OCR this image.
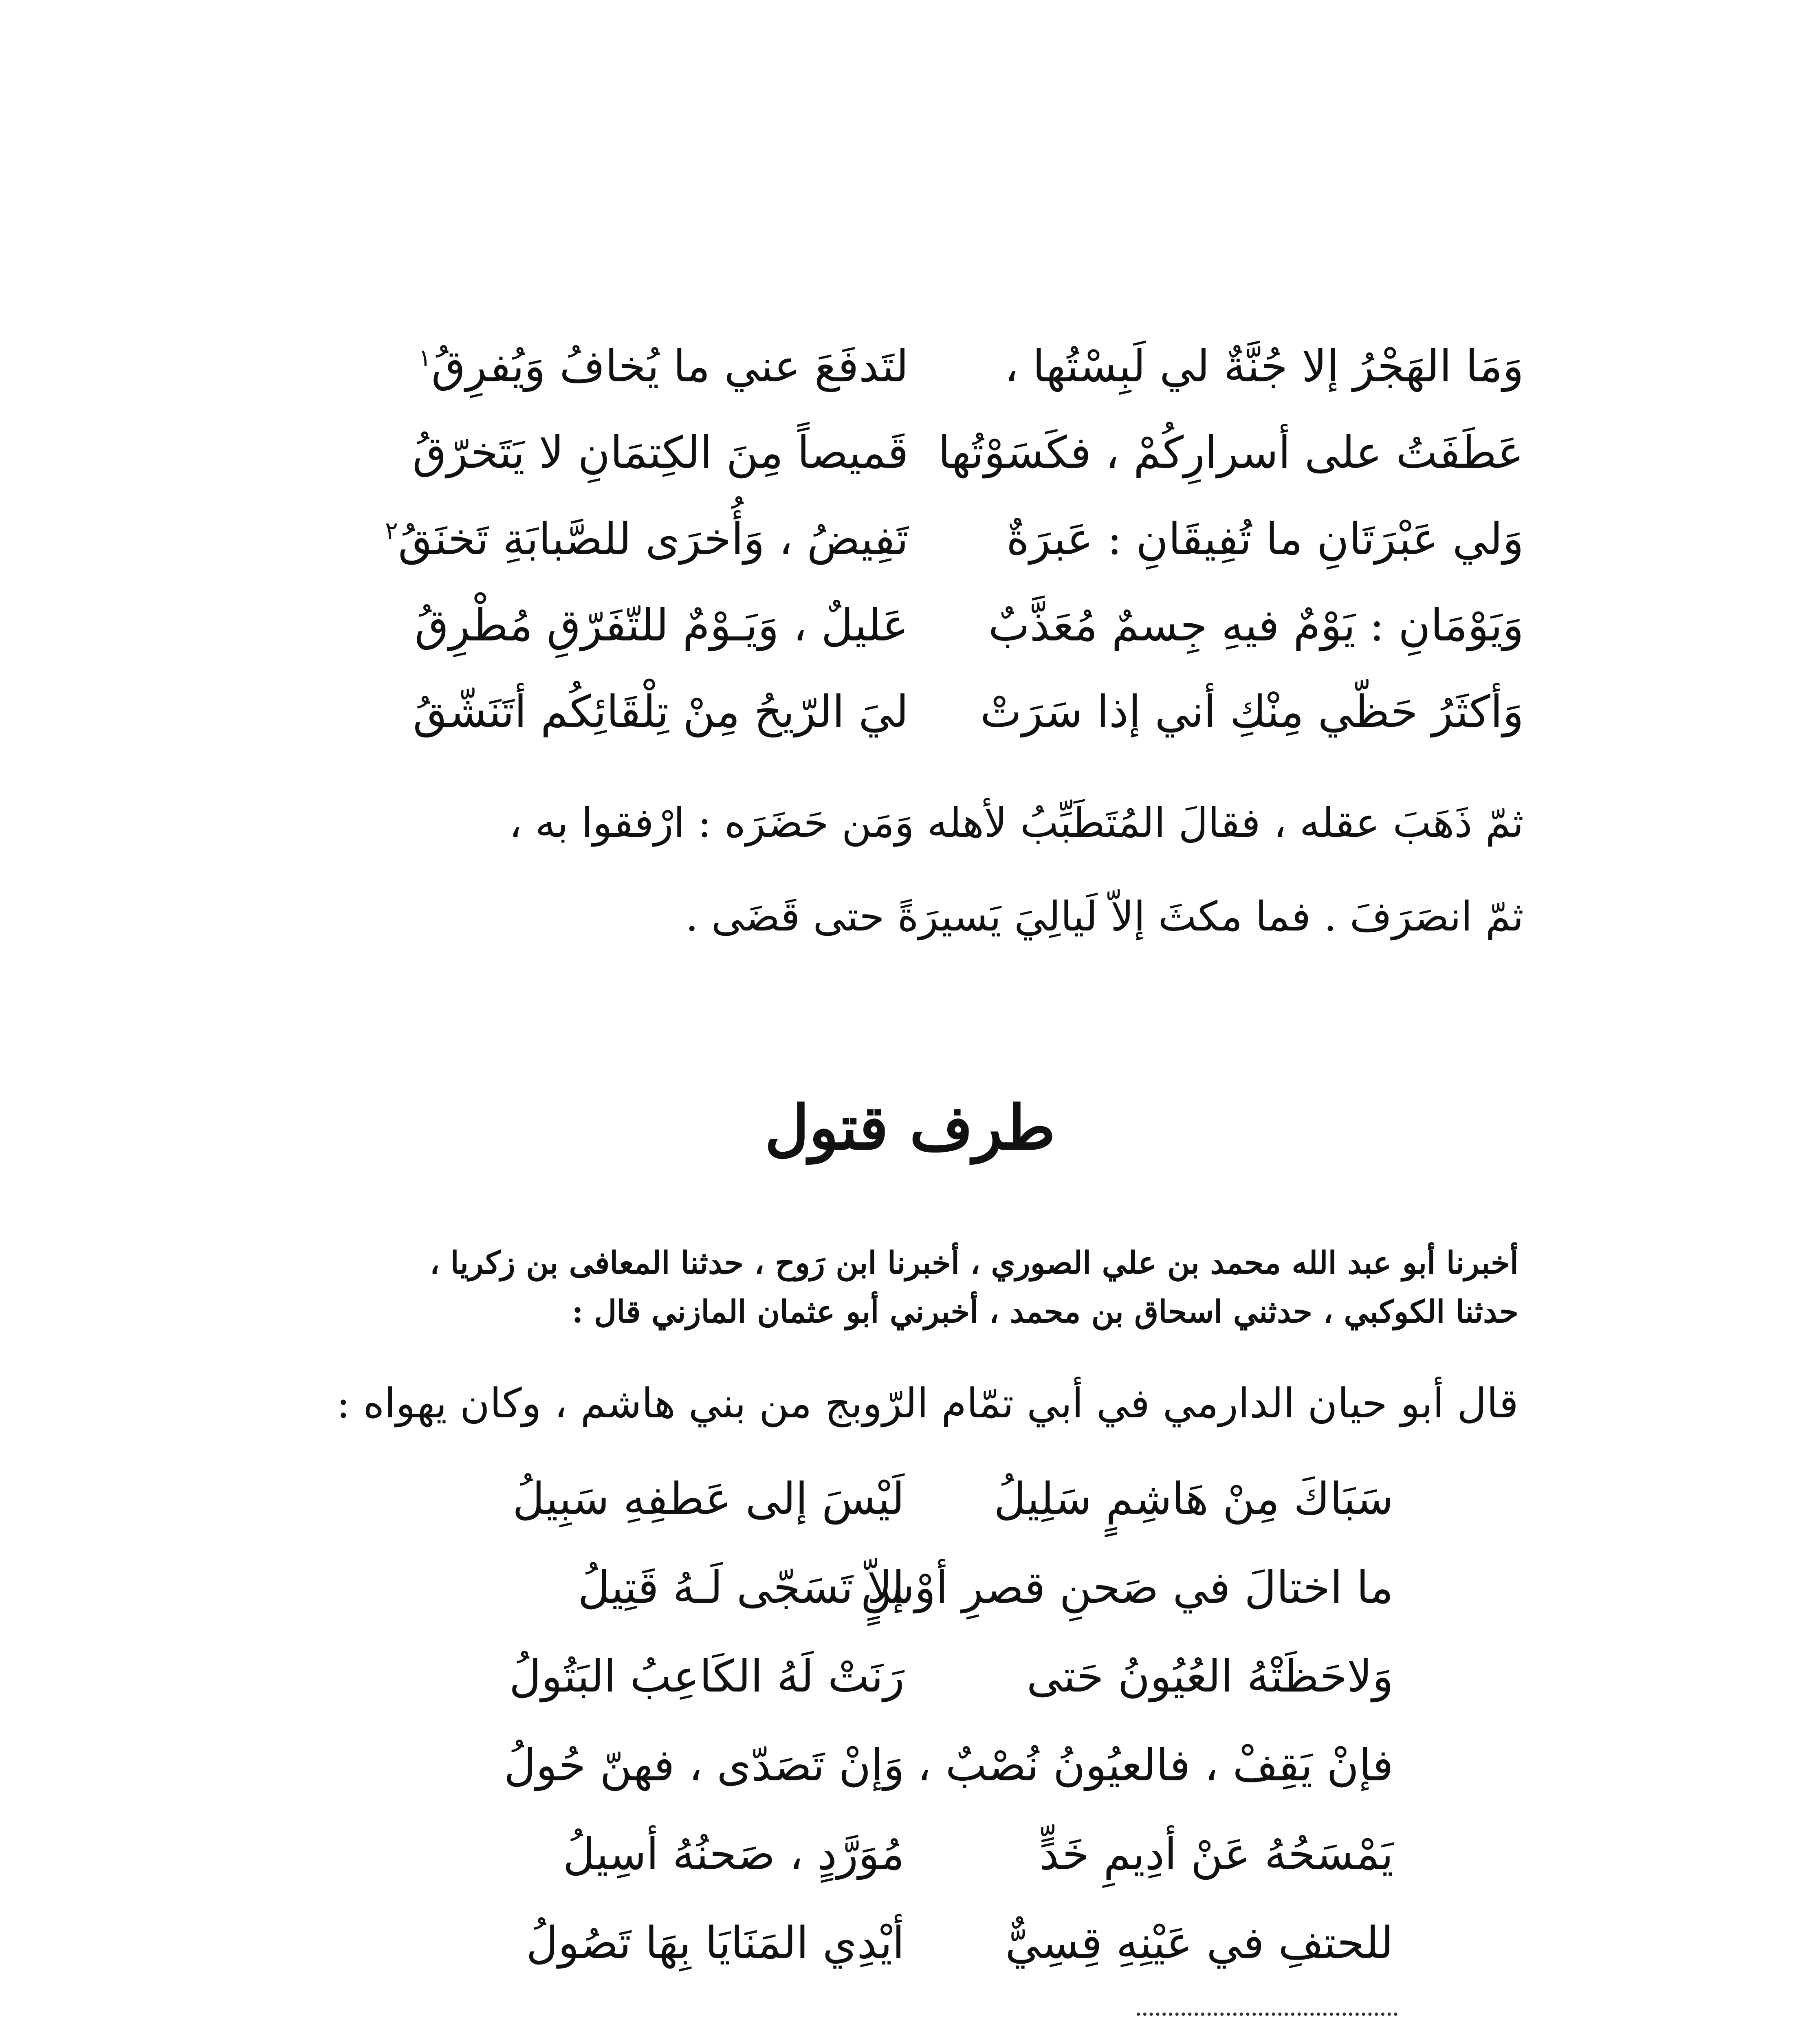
وَمَا الهَجْرُ إلا جُنَّةٌ لي لَبِسْتُها ،
لتَدفَعَ عني ما يُخافُ وَيُفرِقُ$^١$
عَطَفَتُ على أسرارِكُمْ ، فكَسَوْتُها
قَميصاً مِنَ الكِتمَانِ لا يَتَخرّقُ
وَلي عَبْرَتَانِ ما تُفِيقَانِ : عَبرَةٌ
تَفِيضُ ، وَأُخرَى للصَّبابَةِ تَخنَقُ$^٢$
وَيَوْمَانِ : يَوْمٌ فيهِ جِسمٌ مُعَذَّبٌ
عَليلٌ ، وَيَـوْمٌ للتّفَرّقِ مُطْرِقُ
وَأكثَرُ حَظّي مِنْكِ أني إذا سَرَتْ
ليَ الرّيحُ مِنْ تِلْقَائِكُم أتَنَشّقُ
ثمّ ذَهَبَ عقله ، فقالَ المُتَطَبِّبُ لأهله وَمَن حَضَرَه : ارْفقوا به ،
ثمّ انصَرَفَ . فما مكثَ إلاّ لَيالِيَ يَسيرَةً حتى قَضَى .
طرف قتول
أخبرنا أبو عبد الله محمد بن علي الصوري ، أخبرنا ابن رَوح ، حدثنا المعافى بن زكريا ،
حدثنا الكوكبي ، حدثني اسحاق بن محمد ، أخبرني أبو عثمان المازني قال :
قال أبو حيان الدارمي في أبي تمّام الرّوبج من بني هاشم ، وكان يهواه :
سَبَاكَ مِنْ هَاشِمٍ سَلِيلُ
لَيْسَ إلى عَطفِهِ سَبِيلُ
ما اختالَ في صَحنِ قصرِ أوْسٍ
إلاّ تَسَجّى لَـهُ قَتِيلُ
وَلاحَظَتْهُ العُيُونُ حَتى
رَنَتْ لَهُ الكَاعِبُ البَتُولُ
فإنْ يَقِفْ ، فالعيُونُ نُصْبٌ ،
وَإنْ تَصَدّى ، فهنّ حُولُ
يَمْسَحُهُ عَنْ أدِيمِ خَدٍّ
مُوَرَّدٍ ، صَحنُهُ أسِيلُ
للحتفِ في عَيْنِهِ قِسِيٌّ
أيْدِي المَنَايَا بِهَا تَصُولُ
